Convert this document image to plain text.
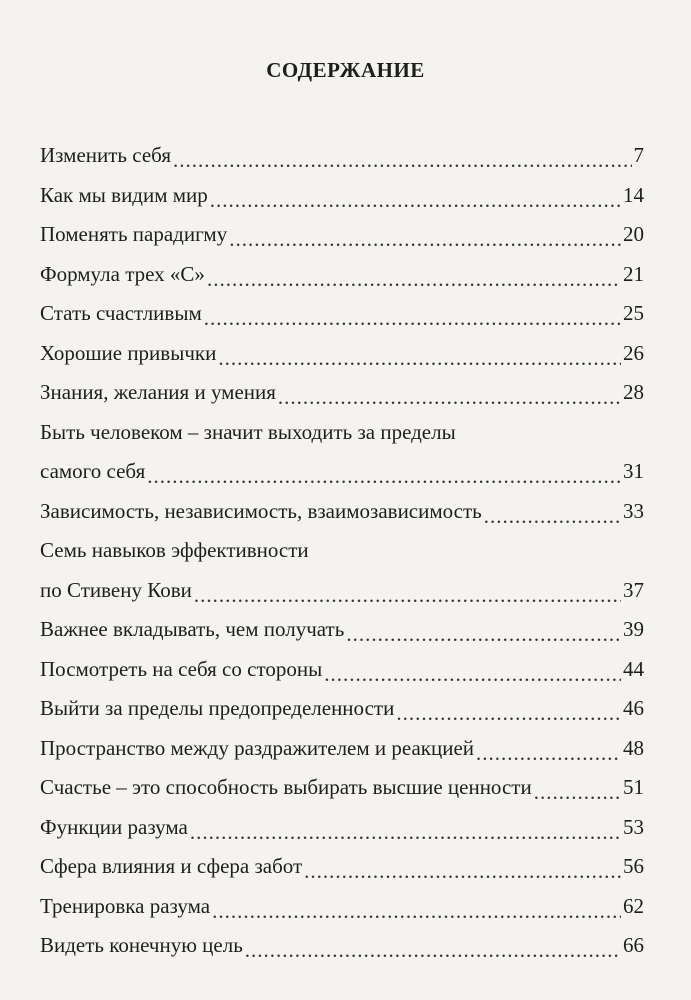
СОДЕРЖАНИЕ
Изменить себя .....	7
Как мы видим мир .....	14
Поменять парадигму .....	20
Формула трех «С» .....	21
Стать счастливым .....	25
Хорошие привычки .....	26
Знания, желания и умения .....	28
Быть человеком – значит выходить за пределы
самого себя .....	31
Зависимость, независимость, взаимозависимость .....	33
Семь навыков эффективности
по Стивену Кови .....	37
Важнее вкладывать, чем получать .....	39
Посмотреть на себя со стороны .....	44
Выйти за пределы предопределенности .....	46
Пространство между раздражителем и реакцией .....	48
Счастье – это способность выбирать высшие ценности .....	51
Функции разума .....	53
Сфера влияния и сфера забот .....	56
Тренировка разума .....	62
Видеть конечную цель .....	66
